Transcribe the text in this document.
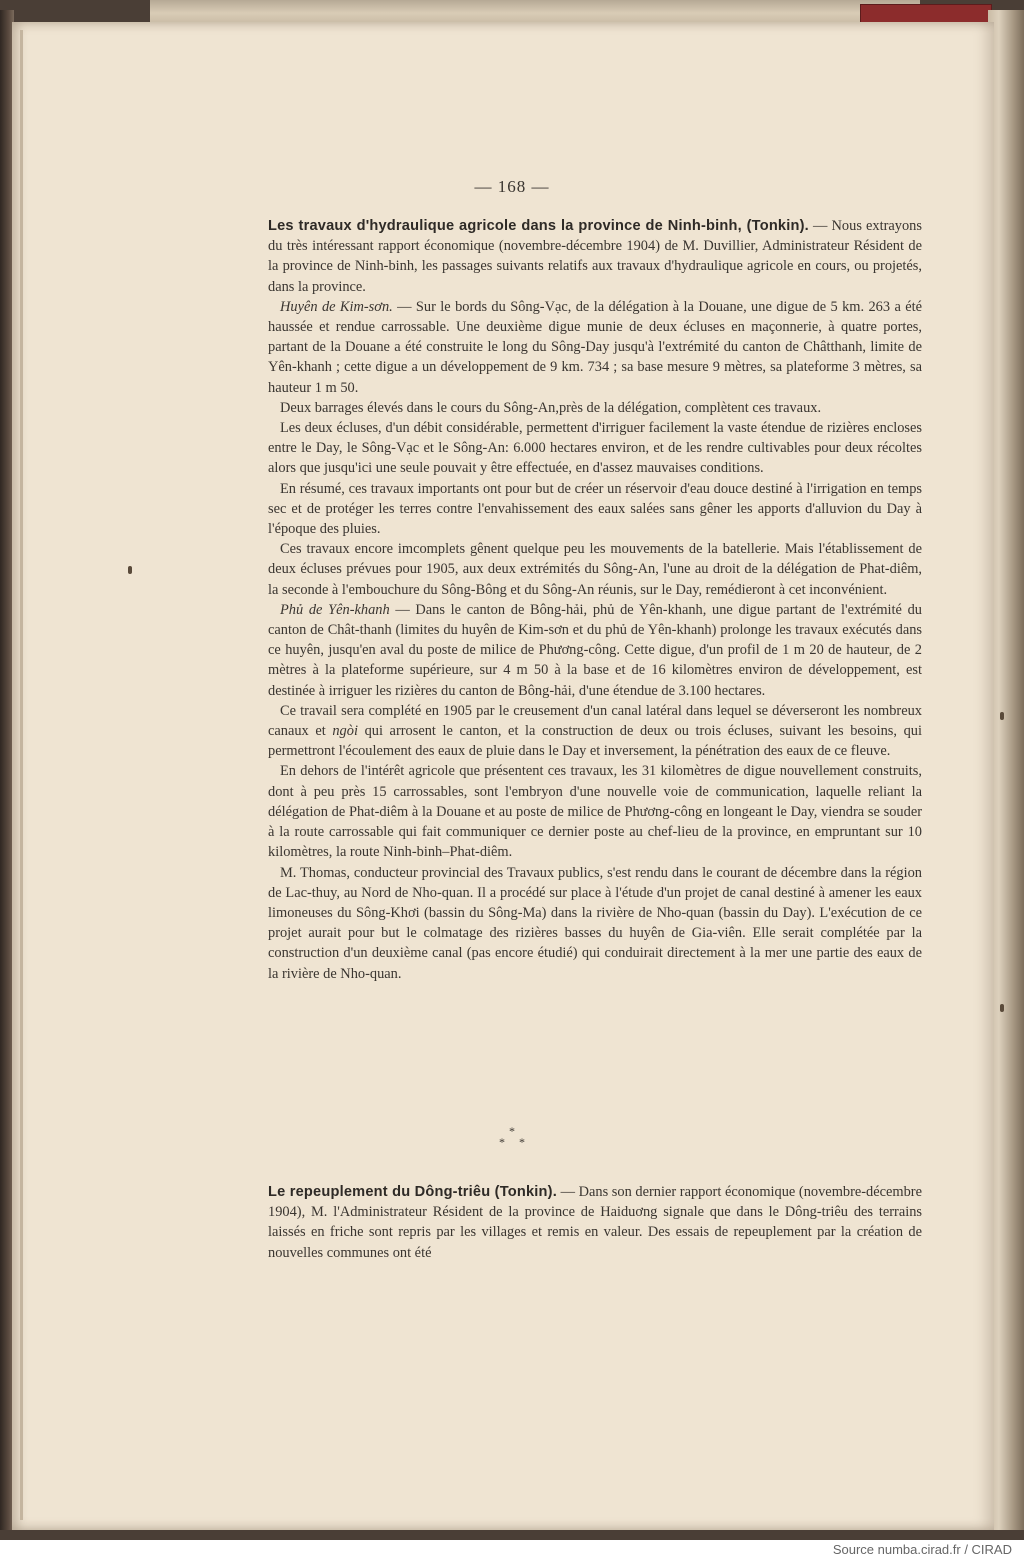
— 168 —

Les travaux d'hydraulique agricole dans la province de Ninh-binh, (Tonkin). — Nous extrayons du très intéressant rapport économique (novembre-décembre 1904) de M. Duvillier, Administrateur Résident de la province de Ninh-binh, les passages suivants relatifs aux travaux d'hydraulique agricole en cours, ou projetés, dans la province.

Huyên de Kim-sơn. — Sur le bords du Sông-Vạc, de la délégation à la Douane, une digue de 5 km. 263 a été haussée et rendue carrossable. Une deuxième digue munie de deux écluses en maçonnerie, à quatre portes, partant de la Douane a été construite le long du Sông-Day jusqu'à l'extrémité du canton de Châtthanh, limite de Yên-khanh ; cette digue a un développement de 9 km. 734 ; sa base mesure 9 mètres, sa plateforme 3 mètres, sa hauteur 1 m 50.

Deux barrages élevés dans le cours du Sông-An,près de la délégation, complètent ces travaux.

Les deux écluses, d'un débit considérable, permettent d'irriguer facilement la vaste étendue de rizières encloses entre le Day, le Sông-Vạc et le Sông-An: 6.000 hectares environ, et de les rendre cultivables pour deux récoltes alors que jusqu'ici une seule pouvait y être effectuée, en d'assez mauvaises conditions.

En résumé, ces travaux importants ont pour but de créer un réservoir d'eau douce destiné à l'irrigation en temps sec et de protéger les terres contre l'envahissement des eaux salées sans gêner les apports d'alluvion du Day à l'époque des pluies.

Ces travaux encore imcomplets gênent quelque peu les mouvements de la batellerie. Mais l'établissement de deux écluses prévues pour 1905, aux deux extrémités du Sông-An, l'une au droit de la délégation de Phat-diêm, la seconde à l'embouchure du Sông-Bông et du Sông-An réunis, sur le Day, remédieront à cet inconvénient.

Phủ de Yên-khanh — Dans le canton de Bông-hải, phủ de Yên-khanh, une digue partant de l'extrémité du canton de Chât-thanh (limites du huyên de Kim-sơn et du phủ de Yên-khanh) prolonge les travaux exécutés dans ce huyên, jusqu'en aval du poste de milice de Phương-công. Cette digue, d'un profil de 1 m 20 de hauteur, de 2 mètres à la plateforme supérieure, sur 4 m 50 à la base et de 16 kilomètres environ de développement, est destinée à irriguer les rizières du canton de Bông-hải, d'une étendue de 3.100 hectares.

Ce travail sera complété en 1905 par le creusement d'un canal latéral dans lequel se déverseront les nombreux canaux et ngòi qui arrosent le canton, et la construction de deux ou trois écluses, suivant les besoins, qui permettront l'écoulement des eaux de pluie dans le Day et inversement, la pénétration des eaux de ce fleuve.

En dehors de l'intérêt agricole que présentent ces travaux, les 31 kilomètres de digue nouvellement construits, dont à peu près 15 carrossables, sont l'embryon d'une nouvelle voie de communication, laquelle reliant la délégation de Phat-diêm à la Douane et au poste de milice de Phương-công en longeant le Day, viendra se souder à la route carrossable qui fait communiquer ce dernier poste au chef-lieu de la province, en empruntant sur 10 kilomètres, la route Ninh-binh–Phat-diêm.

M. Thomas, conducteur provincial des Travaux publics, s'est rendu dans le courant de décembre dans la région de Lac-thuy, au Nord de Nho-quan. Il a procédé sur place à l'étude d'un projet de canal destiné à amener les eaux limoneuses du Sông-Khơi (bassin du Sông-Ma) dans la rivière de Nho-quan (bassin du Day). L'exécution de ce projet aurait pour but le colmatage des rizières basses du huyên de Gia-viên. Elle serait complétée par la construction d'un deuxième canal (pas encore étudié) qui conduirait directement à la mer une partie des eaux de la rivière de Nho-quan.

*
**

Le repeuplement du Dông-triêu (Tonkin). — Dans son dernier rapport économique (novembre-décembre 1904), M. l'Administrateur Résident de la province de Haiduơng signale que dans le Dông-triêu des terrains laissés en friche sont repris par les villages et remis en valeur. Des essais de repeuplement par la création de nouvelles communes ont été

Source numba.cirad.fr / CIRAD
